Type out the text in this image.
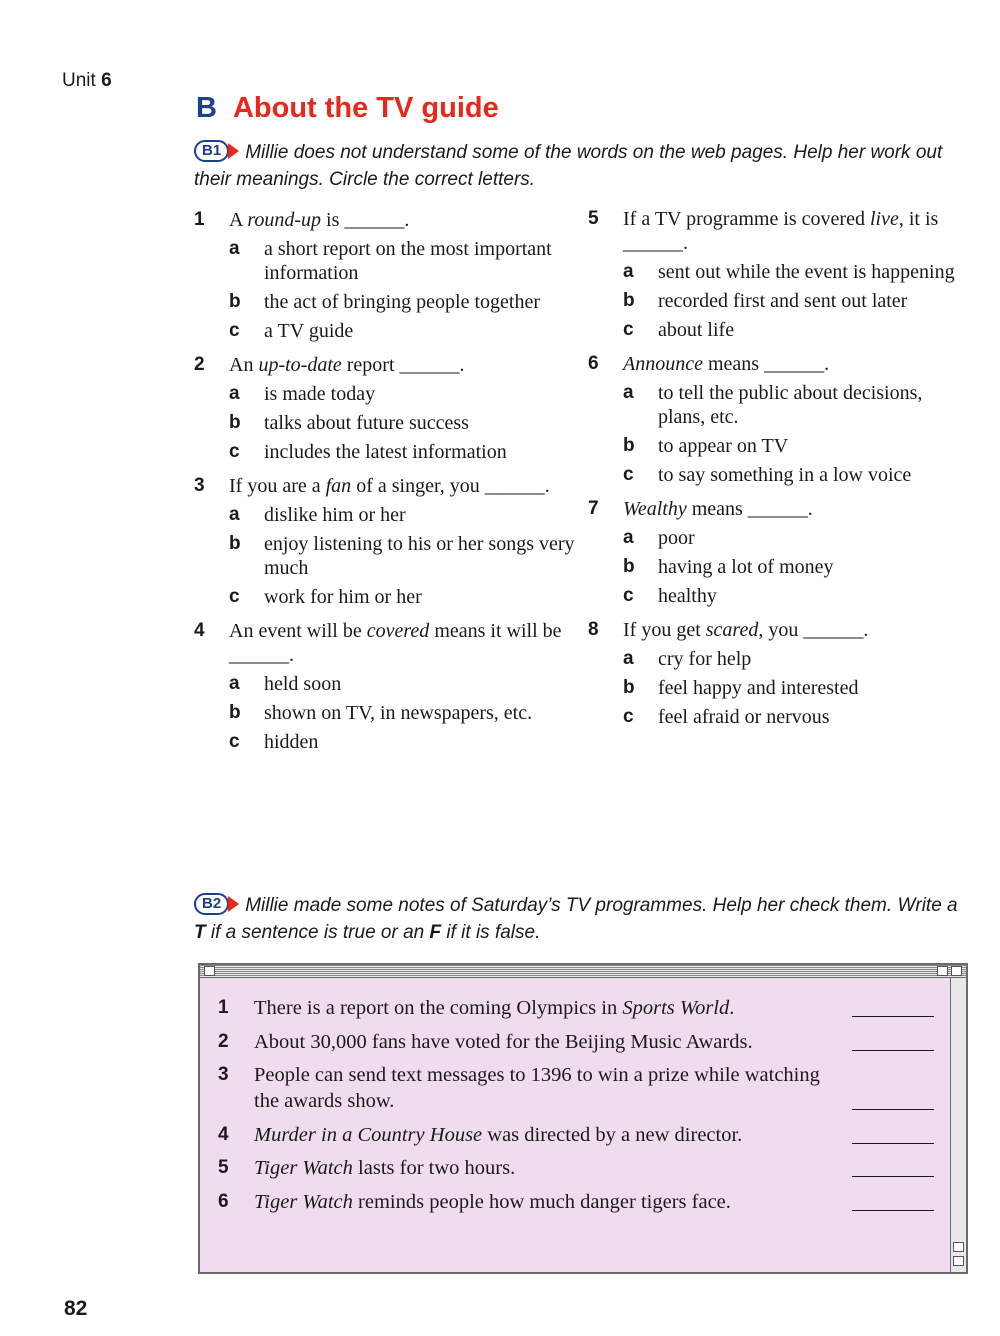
Unit 6
B About the TV guide

B1	Millie does not understand some of the words on the web pages. Help her work out their meanings. Circle the correct letters.

1	A round-up is ______.
a	a short report on the most important information
b	the act of bringing people together
c	a TV guide
2	An up-to-date report ______.
a	is made today
b	talks about future success
c	includes the latest information
3	If you are a fan of a singer, you ______.
a	dislike him or her
b	enjoy listening to his or her songs very much
c	work for him or her
4	An event will be covered means it will be ______.
a	held soon
b	shown on TV, in newspapers, etc.
c	hidden
5	If a TV programme is covered live, it is ______.
a	sent out while the event is happening
b	recorded first and sent out later
c	about life
6	Announce means ______.
a	to tell the public about decisions, plans, etc.
b	to appear on TV
c	to say something in a low voice
7	Wealthy means ______.
a	poor
b	having a lot of money
c	healthy
8	If you get scared, you ______.
a	cry for help
b	feel happy and interested
c	feel afraid or nervous

B2	Millie made some notes of Saturday’s TV programmes. Help her check them. Write a T if a sentence is true or an F if it is false.

1	There is a report on the coming Olympics in Sports World.
2	About 30,000 fans have voted for the Beijing Music Awards.
3	People can send text messages to 1396 to win a prize while watching the awards show.
4	Murder in a Country House was directed by a new director.
5	Tiger Watch lasts for two hours.
6	Tiger Watch reminds people how much danger tigers face.
82
